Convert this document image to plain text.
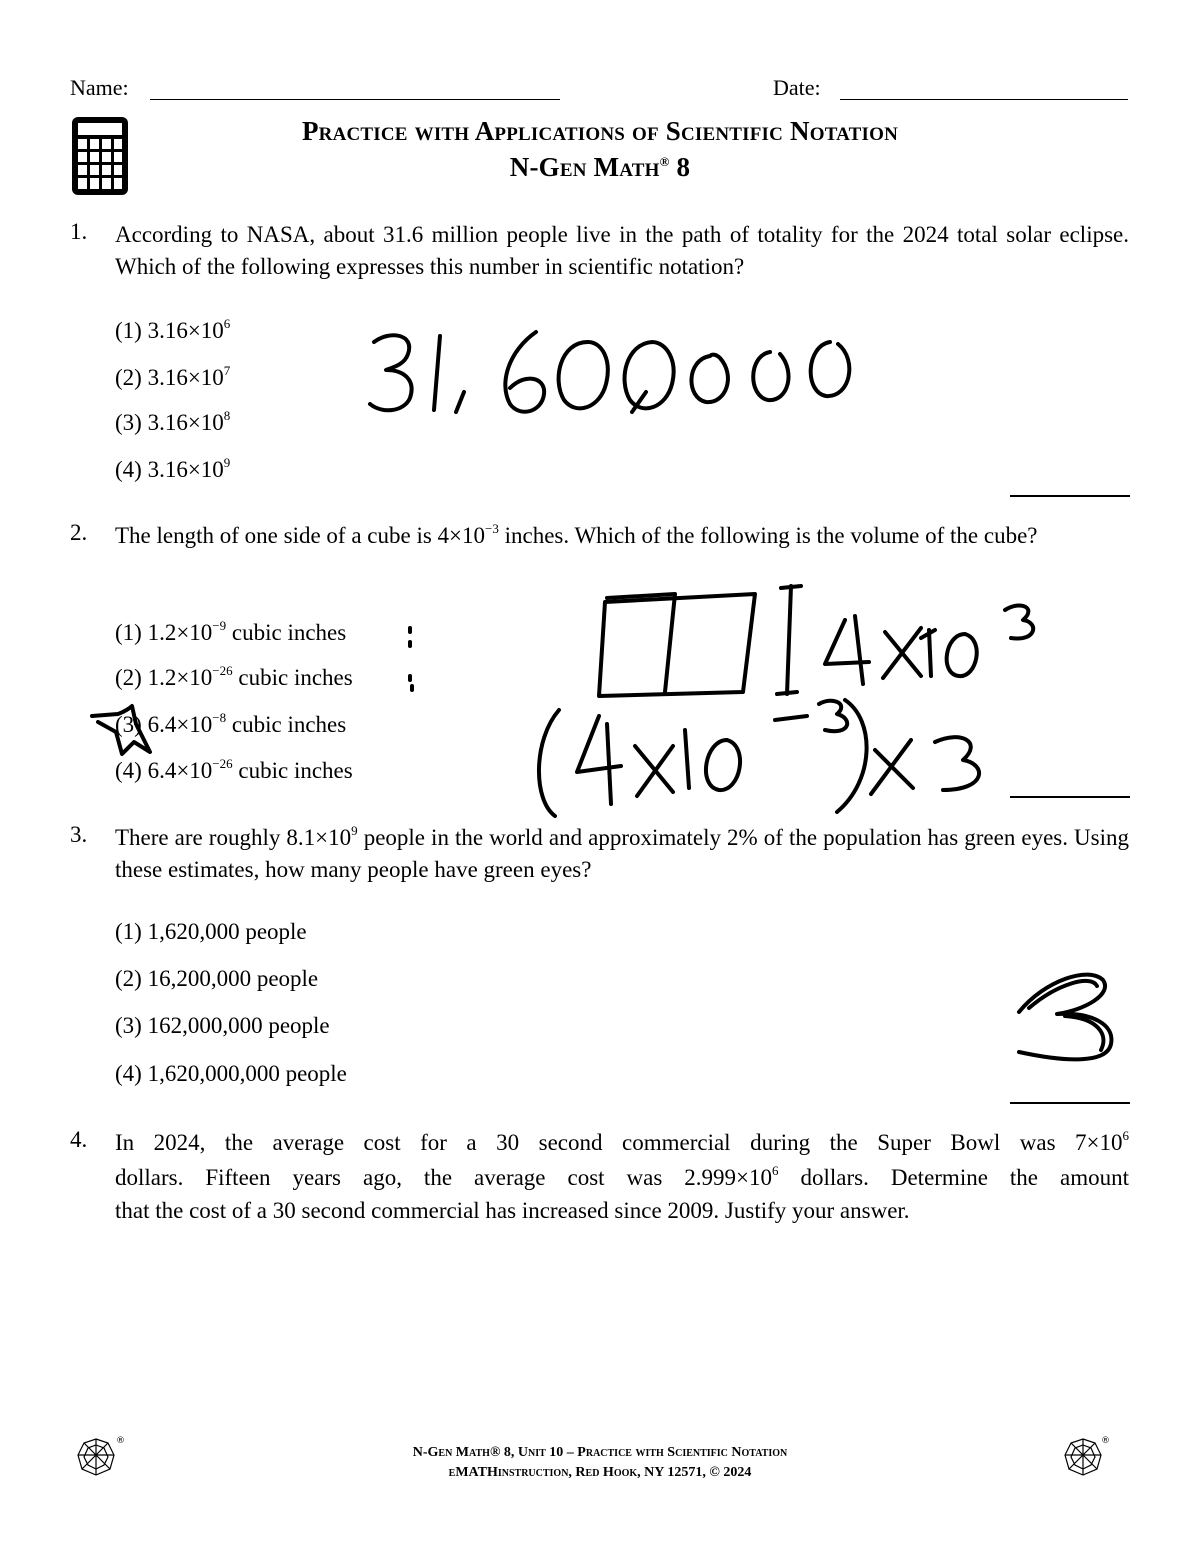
Name:	Date:
Practice with Applications of Scientific Notation
N-Gen Math® 8
1. According to NASA, about 31.6 million people live in the path of totality for the 2024 total solar eclipse. Which of the following expresses this number in scientific notation?
(1) $3.16\times 10^6$
(2) $3.16\times 10^7$
(3) $3.16\times 10^8$
(4) $3.16\times 10^9$
2. The length of one side of a cube is $4\times 10^{-3}$ inches. Which of the following is the volume of the cube?
(1) $1.2\times 10^{-9}$ cubic inches
(2) $1.2\times 10^{-26}$ cubic inches
(3) $6.4\times 10^{-8}$ cubic inches
(4) $6.4\times 10^{-26}$ cubic inches
3. There are roughly $8.1\times 10^9$ people in the world and approximately 2% of the population has green eyes. Using these estimates, how many people have green eyes?
(1) 1,620,000 people
(2) 16,200,000 people
(3) 162,000,000 people
(4) 1,620,000,000 people
4. In 2024, the average cost for a 30 second commercial during the Super Bowl was $7\times 10^6$
dollars. Fifteen years ago, the average cost was $2.999\times 10^6$ dollars. Determine the amount
that the cost of a 30 second commercial has increased since 2009. Justify your answer.
®	®
N-Gen Math® 8, Unit 10 – Practice with Scientific Notation
eMATHinstruction, Red Hook, NY 12571, © 2024
